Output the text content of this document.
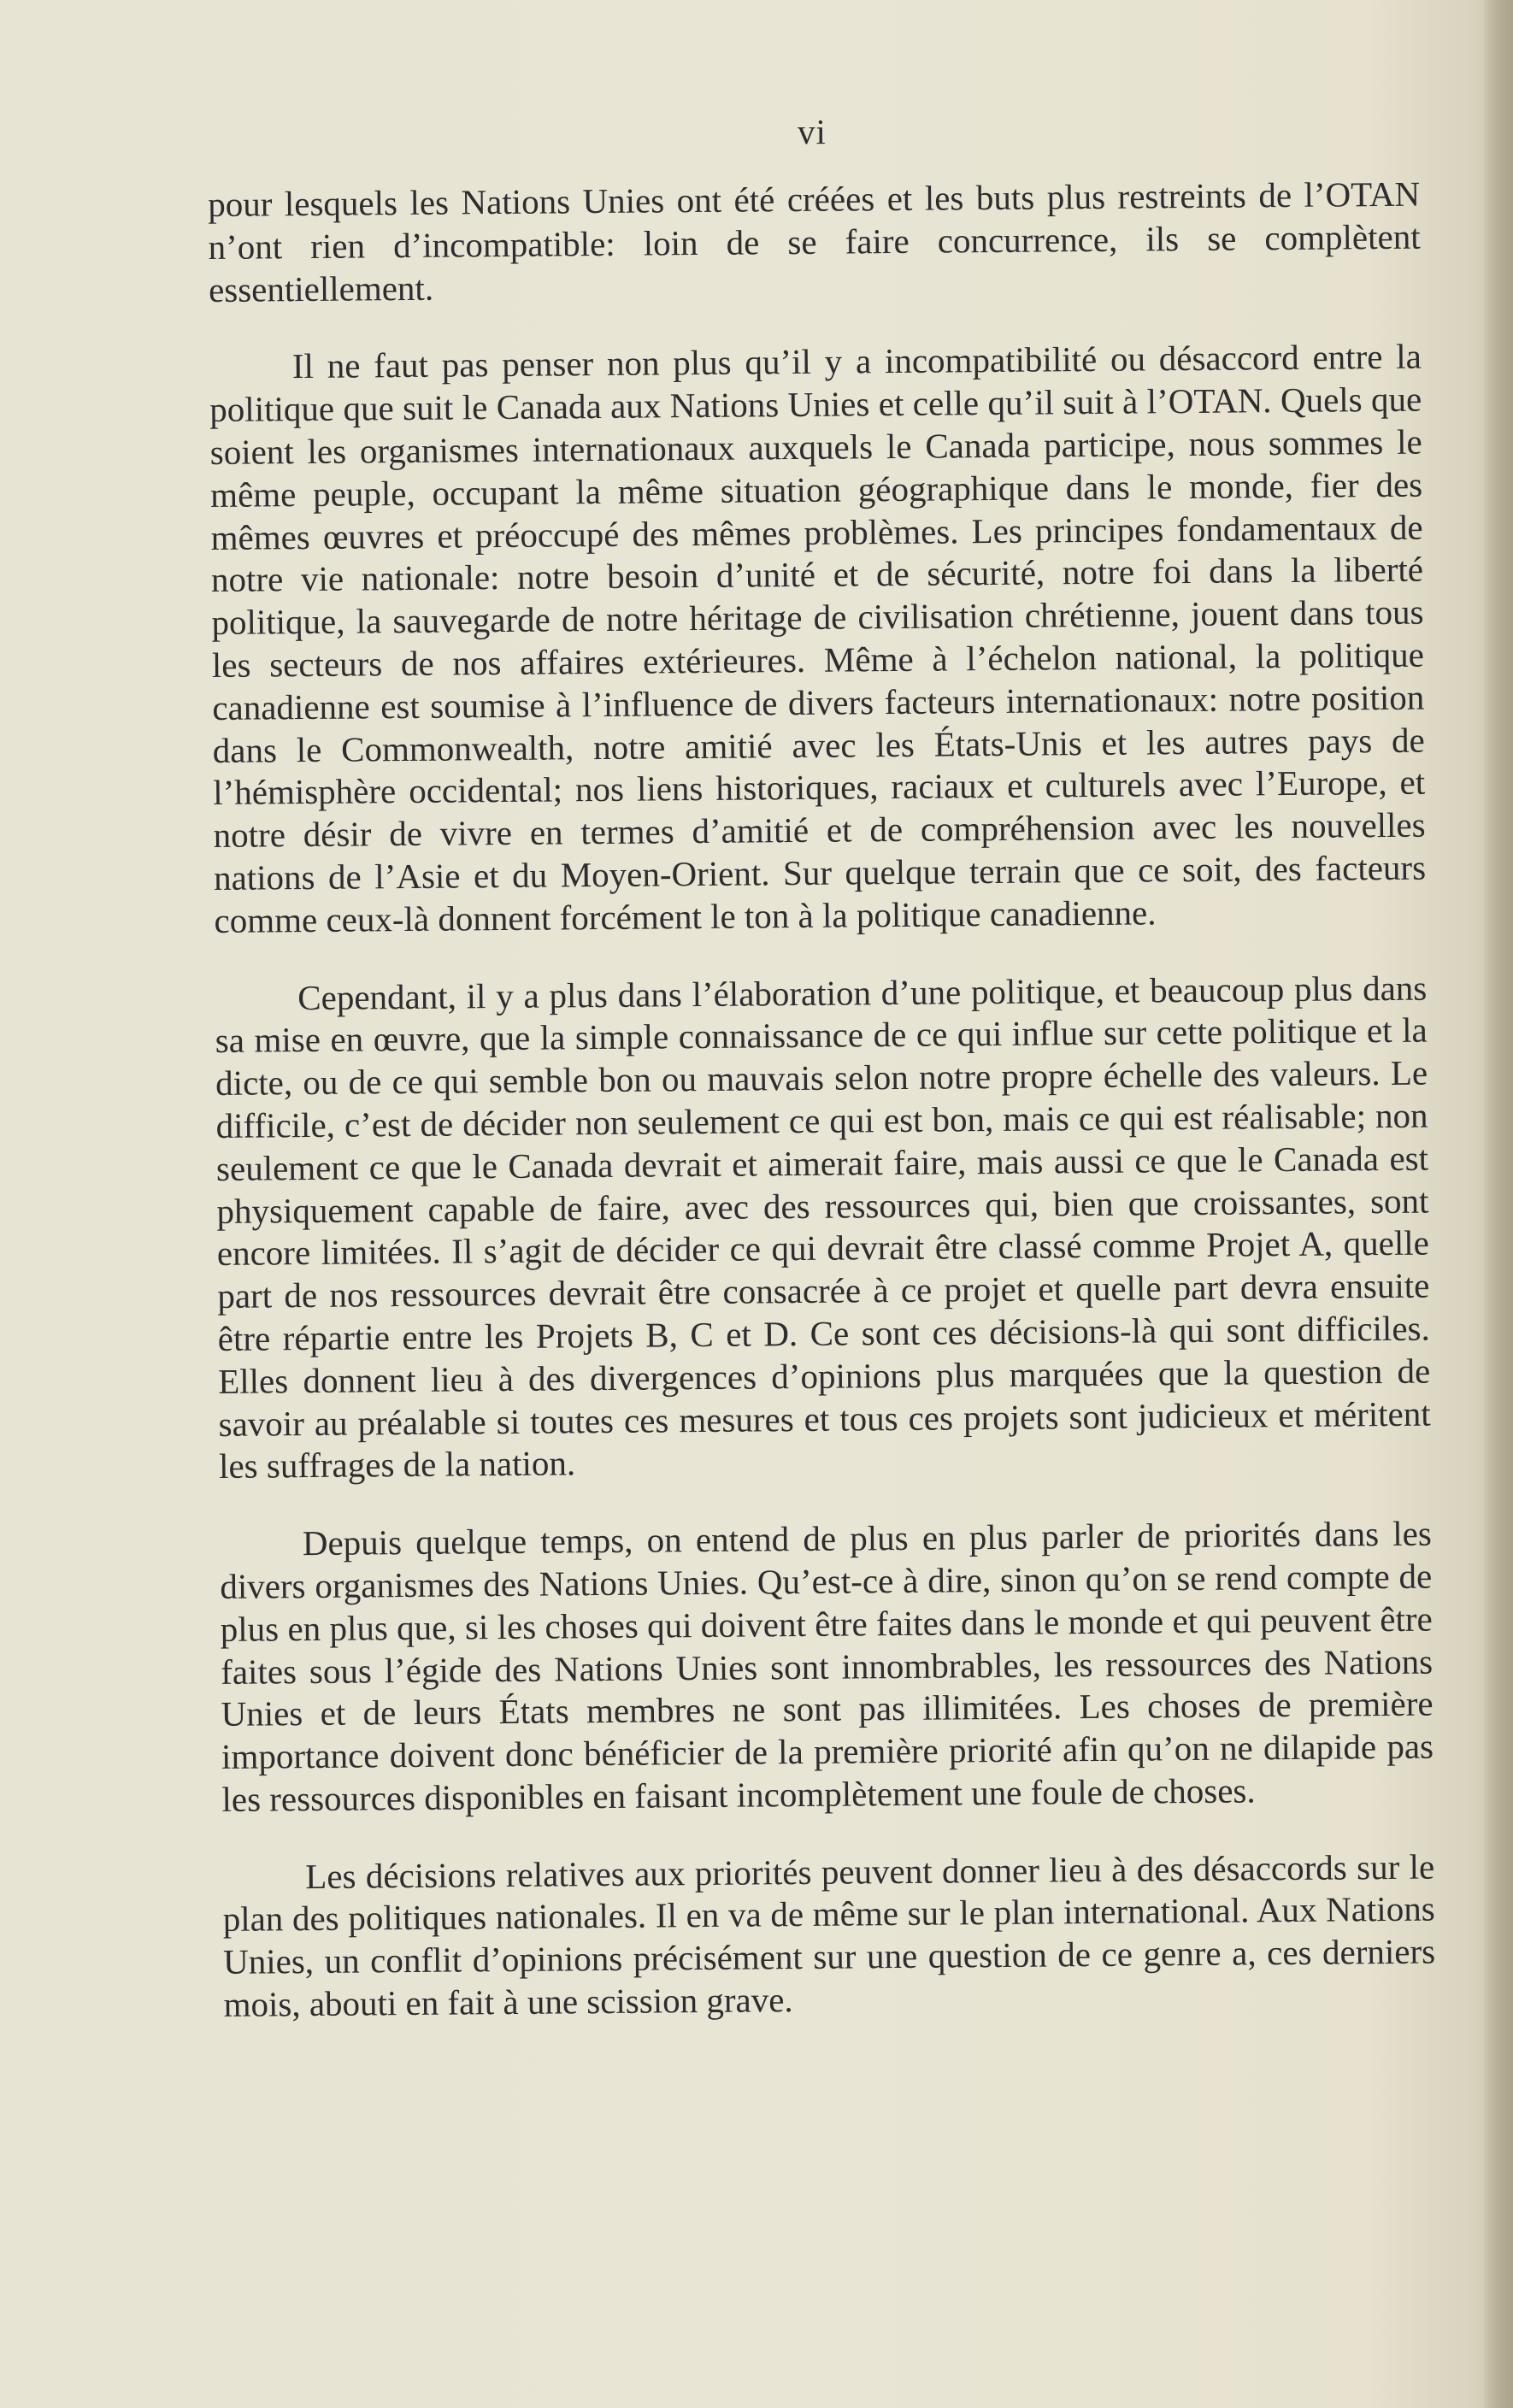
vi

pour lesquels les Nations Unies ont été créées et les buts plus restreints de l’OTAN n’ont rien d’incompatible: loin de se faire concurrence, ils se complètent essentiellement.

Il ne faut pas penser non plus qu’il y a incompatibilité ou désaccord entre la politique que suit le Canada aux Nations Unies et celle qu’il suit à l’OTAN. Quels que soient les organismes internationaux auxquels le Canada participe, nous sommes le même peuple, occupant la même situation géographique dans le monde, fier des mêmes œuvres et préoccupé des mêmes problèmes. Les principes fondamentaux de notre vie nationale: notre besoin d’unité et de sécurité, notre foi dans la liberté politique, la sauvegarde de notre héritage de civilisation chrétienne, jouent dans tous les secteurs de nos affaires extérieures. Même à l’échelon national, la politique canadienne est soumise à l’influence de divers facteurs internationaux: notre position dans le Commonwealth, notre amitié avec les États-Unis et les autres pays de l’hémisphère occidental; nos liens historiques, raciaux et culturels avec l’Europe, et notre désir de vivre en termes d’amitié et de compréhension avec les nouvelles nations de l’Asie et du Moyen-Orient. Sur quelque terrain que ce soit, des facteurs comme ceux-là donnent forcément le ton à la politique canadienne.

Cependant, il y a plus dans l’élaboration d’une politique, et beaucoup plus dans sa mise en œuvre, que la simple connaissance de ce qui influe sur cette politique et la dicte, ou de ce qui semble bon ou mauvais selon notre propre échelle des valeurs. Le difficile, c’est de décider non seulement ce qui est bon, mais ce qui est réalisable; non seulement ce que le Canada devrait et aimerait faire, mais aussi ce que le Canada est physiquement capable de faire, avec des ressources qui, bien que croissantes, sont encore limitées. Il s’agit de décider ce qui devrait être classé comme Projet A, quelle part de nos ressources devrait être consacrée à ce projet et quelle part devra ensuite être répartie entre les Projets B, C et D. Ce sont ces décisions-là qui sont difficiles. Elles donnent lieu à des divergences d’opinions plus marquées que la question de savoir au préalable si toutes ces mesures et tous ces projets sont judicieux et méritent les suffrages de la nation.

Depuis quelque temps, on entend de plus en plus parler de priorités dans les divers organismes des Nations Unies. Qu’est-ce à dire, sinon qu’on se rend compte de plus en plus que, si les choses qui doivent être faites dans le monde et qui peuvent être faites sous l’égide des Nations Unies sont innombrables, les ressources des Nations Unies et de leurs États membres ne sont pas illimitées. Les choses de première importance doivent donc bénéficier de la première priorité afin qu’on ne dilapide pas les ressources disponibles en faisant incomplètement une foule de choses.

Les décisions relatives aux priorités peuvent donner lieu à des désaccords sur le plan des politiques nationales. Il en va de même sur le plan international. Aux Nations Unies, un conflit d’opinions précisément sur une question de ce genre a, ces derniers mois, abouti en fait à une scission grave.
